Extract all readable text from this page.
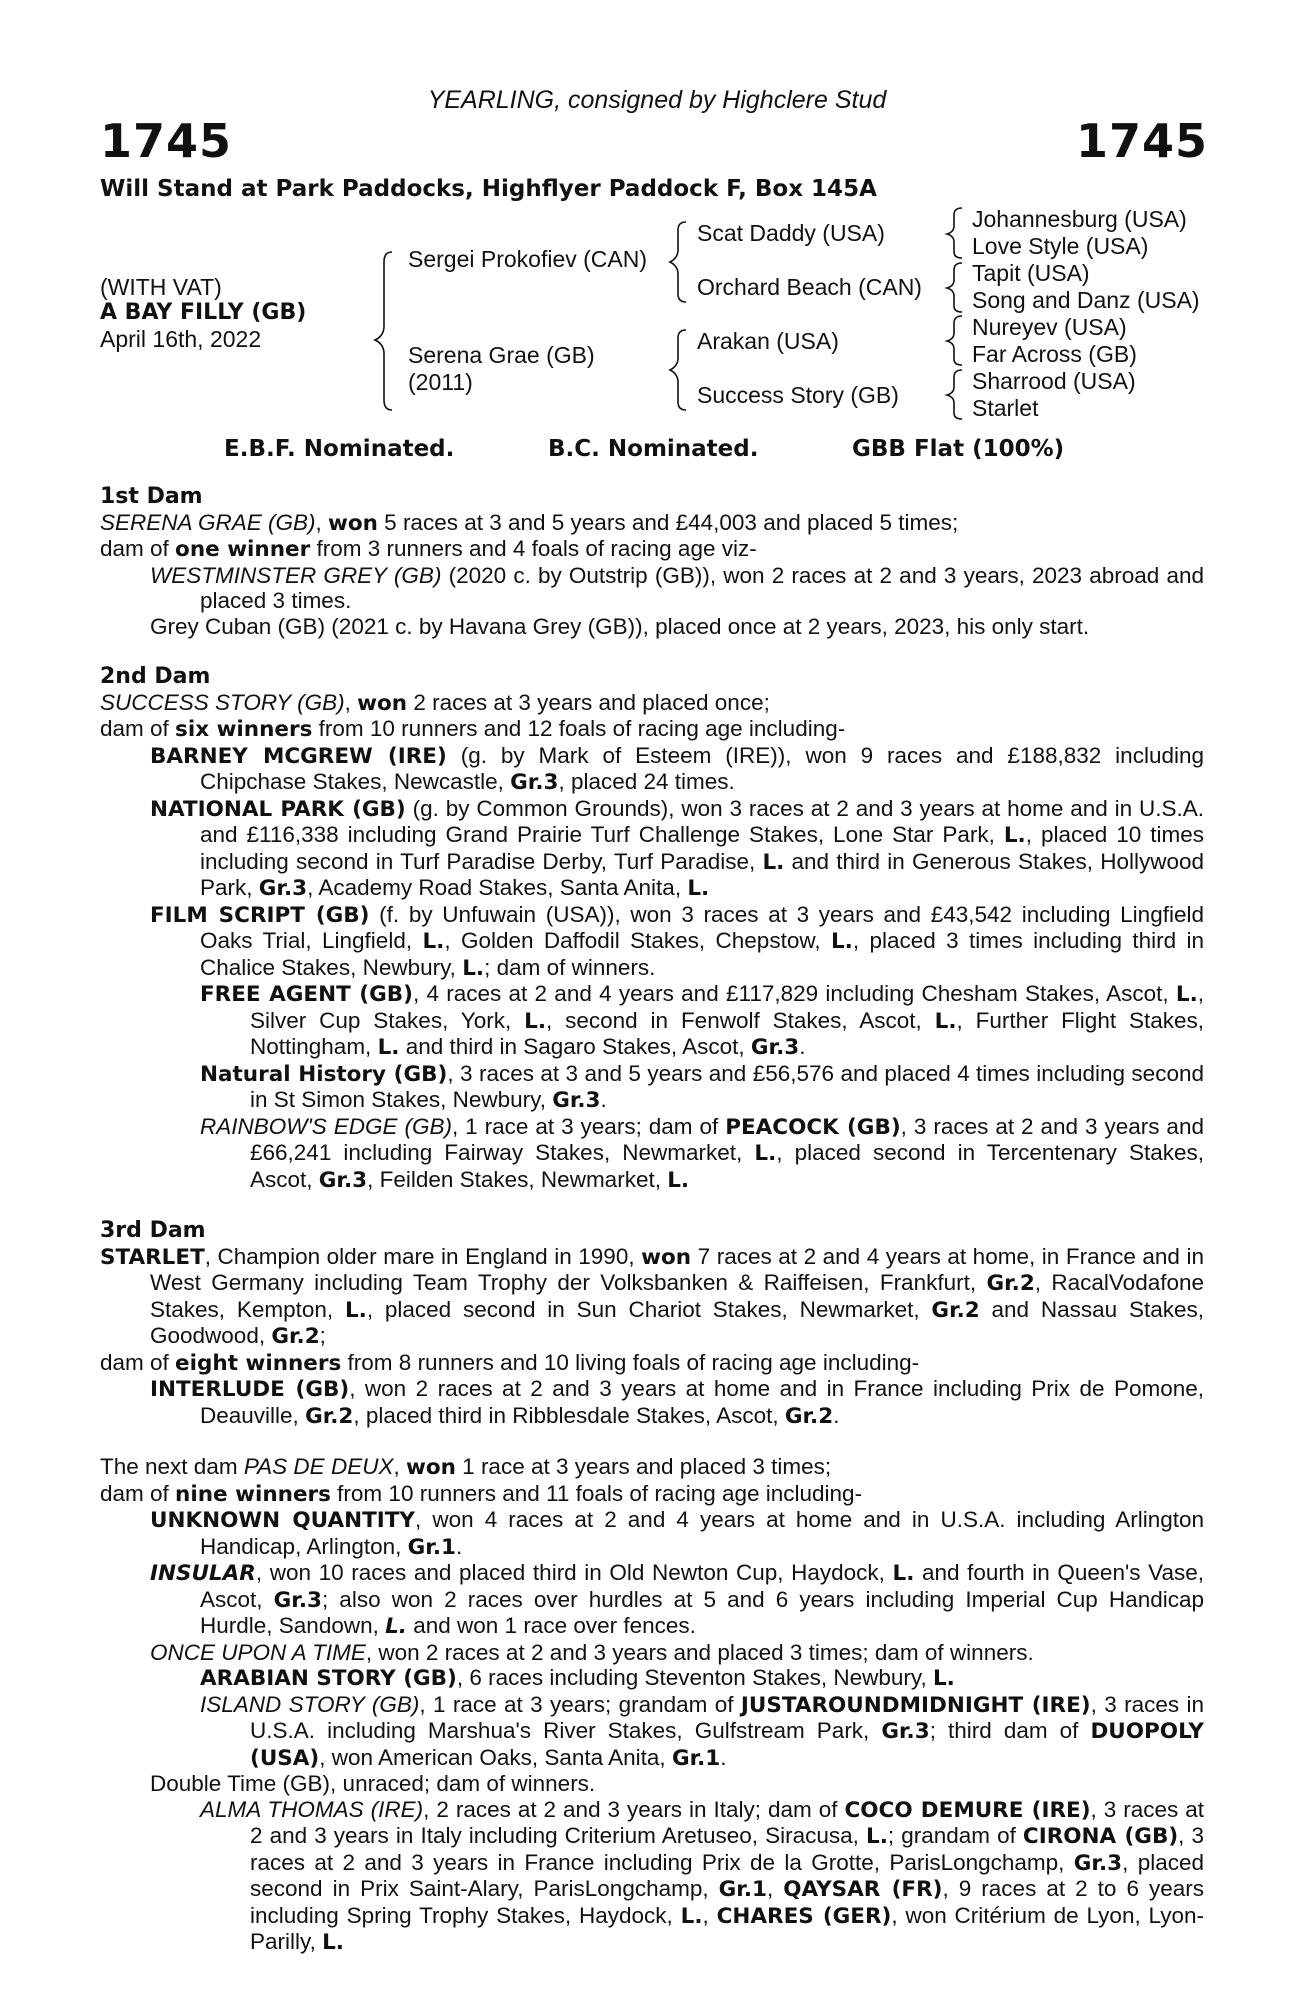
YEARLING, consigned by Highclere Stud
1745	1745
Will Stand at Park Paddocks, Highflyer Paddock F, Box 145A
(WITH VAT)
A BAY FILLY (GB)
April 16th, 2022
Sergei Prokofiev (CAN)
Serena Grae (GB)
(2011)
Scat Daddy (USA)
Orchard Beach (CAN)
Arakan (USA)
Success Story (GB)
Johannesburg (USA)
Love Style (USA)
Tapit (USA)
Song and Danz (USA)
Nureyev (USA)
Far Across (GB)
Sharrood (USA)
Starlet
E.B.F. Nominated.	B.C. Nominated.	GBB Flat (100%)
1st Dam

SERENA GRAE (GB), won 5 races at 3 and 5 years and £44,003 and placed 5 times;

dam of one winner from 3 runners and 4 foals of racing age viz-

WESTMINSTER GREY (GB) (2020 c. by Outstrip (GB)), won 2 races at 2 and 3 years, 2023 abroad and placed 3 times.

Grey Cuban (GB) (2021 c. by Havana Grey (GB)), placed once at 2 years, 2023, his only start.

2nd Dam

SUCCESS STORY (GB), won 2 races at 3 years and placed once;

dam of six winners from 10 runners and 12 foals of racing age including-

BARNEY MCGREW (IRE) (g. by Mark of Esteem (IRE)), won 9 races and £188,832 including Chipchase Stakes, Newcastle, Gr.3, placed 24 times.

NATIONAL PARK (GB) (g. by Common Grounds), won 3 races at 2 and 3 years at home and in U.S.A. and £116,338 including Grand Prairie Turf Challenge Stakes, Lone Star Park, L., placed 10 times including second in Turf Paradise Derby, Turf Paradise, L. and third in Generous Stakes, Hollywood Park, Gr.3, Academy Road Stakes, Santa Anita, L.

FILM SCRIPT (GB) (f. by Unfuwain (USA)), won 3 races at 3 years and £43,542 including Lingfield Oaks Trial, Lingfield, L., Golden Daffodil Stakes, Chepstow, L., placed 3 times including third in Chalice Stakes, Newbury, L.; dam of winners.

FREE AGENT (GB), 4 races at 2 and 4 years and £117,829 including Chesham Stakes, Ascot, L., Silver Cup Stakes, York, L., second in Fenwolf Stakes, Ascot, L., Further Flight Stakes, Nottingham, L. and third in Sagaro Stakes, Ascot, Gr.3.

Natural History (GB), 3 races at 3 and 5 years and £56,576 and placed 4 times including second in St Simon Stakes, Newbury, Gr.3.

RAINBOW'S EDGE (GB), 1 race at 3 years; dam of PEACOCK (GB), 3 races at 2 and 3 years and £66,241 including Fairway Stakes, Newmarket, L., placed second in Tercentenary Stakes, Ascot, Gr.3, Feilden Stakes, Newmarket, L.

3rd Dam

STARLET, Champion older mare in England in 1990, won 7 races at 2 and 4 years at home, in France and in West Germany including Team Trophy der Volksbanken & Raiffeisen, Frankfurt, Gr.2, RacalVodafone Stakes, Kempton, L., placed second in Sun Chariot Stakes, Newmarket, Gr.2 and Nassau Stakes, Goodwood, Gr.2;

dam of eight winners from 8 runners and 10 living foals of racing age including-

INTERLUDE (GB), won 2 races at 2 and 3 years at home and in France including Prix de Pomone, Deauville, Gr.2, placed third in Ribblesdale Stakes, Ascot, Gr.2.

The next dam PAS DE DEUX, won 1 race at 3 years and placed 3 times;

dam of nine winners from 10 runners and 11 foals of racing age including-

UNKNOWN QUANTITY, won 4 races at 2 and 4 years at home and in U.S.A. including Arlington Handicap, Arlington, Gr.1.

INSULAR, won 10 races and placed third in Old Newton Cup, Haydock, L. and fourth in Queen's Vase, Ascot, Gr.3; also won 2 races over hurdles at 5 and 6 years including Imperial Cup Handicap Hurdle, Sandown, L. and won 1 race over fences.

ONCE UPON A TIME, won 2 races at 2 and 3 years and placed 3 times; dam of winners.

ARABIAN STORY (GB), 6 races including Steventon Stakes, Newbury, L.

ISLAND STORY (GB), 1 race at 3 years; grandam of JUSTAROUNDMIDNIGHT (IRE), 3 races in U.S.A. including Marshua's River Stakes, Gulfstream Park, Gr.3; third dam of DUOPOLY (USA), won American Oaks, Santa Anita, Gr.1.

Double Time (GB), unraced; dam of winners.

ALMA THOMAS (IRE), 2 races at 2 and 3 years in Italy; dam of COCO DEMURE (IRE), 3 races at 2 and 3 years in Italy including Criterium Aretuseo, Siracusa, L.; grandam of CIRONA (GB), 3 races at 2 and 3 years in France including Prix de la Grotte, ParisLongchamp, Gr.3, placed second in Prix Saint-Alary, ParisLongchamp, Gr.1, QAYSAR (FR), 9 races at 2 to 6 years including Spring Trophy Stakes, Haydock, L., CHARES (GER), won Critérium de Lyon, Lyon-Parilly, L.
